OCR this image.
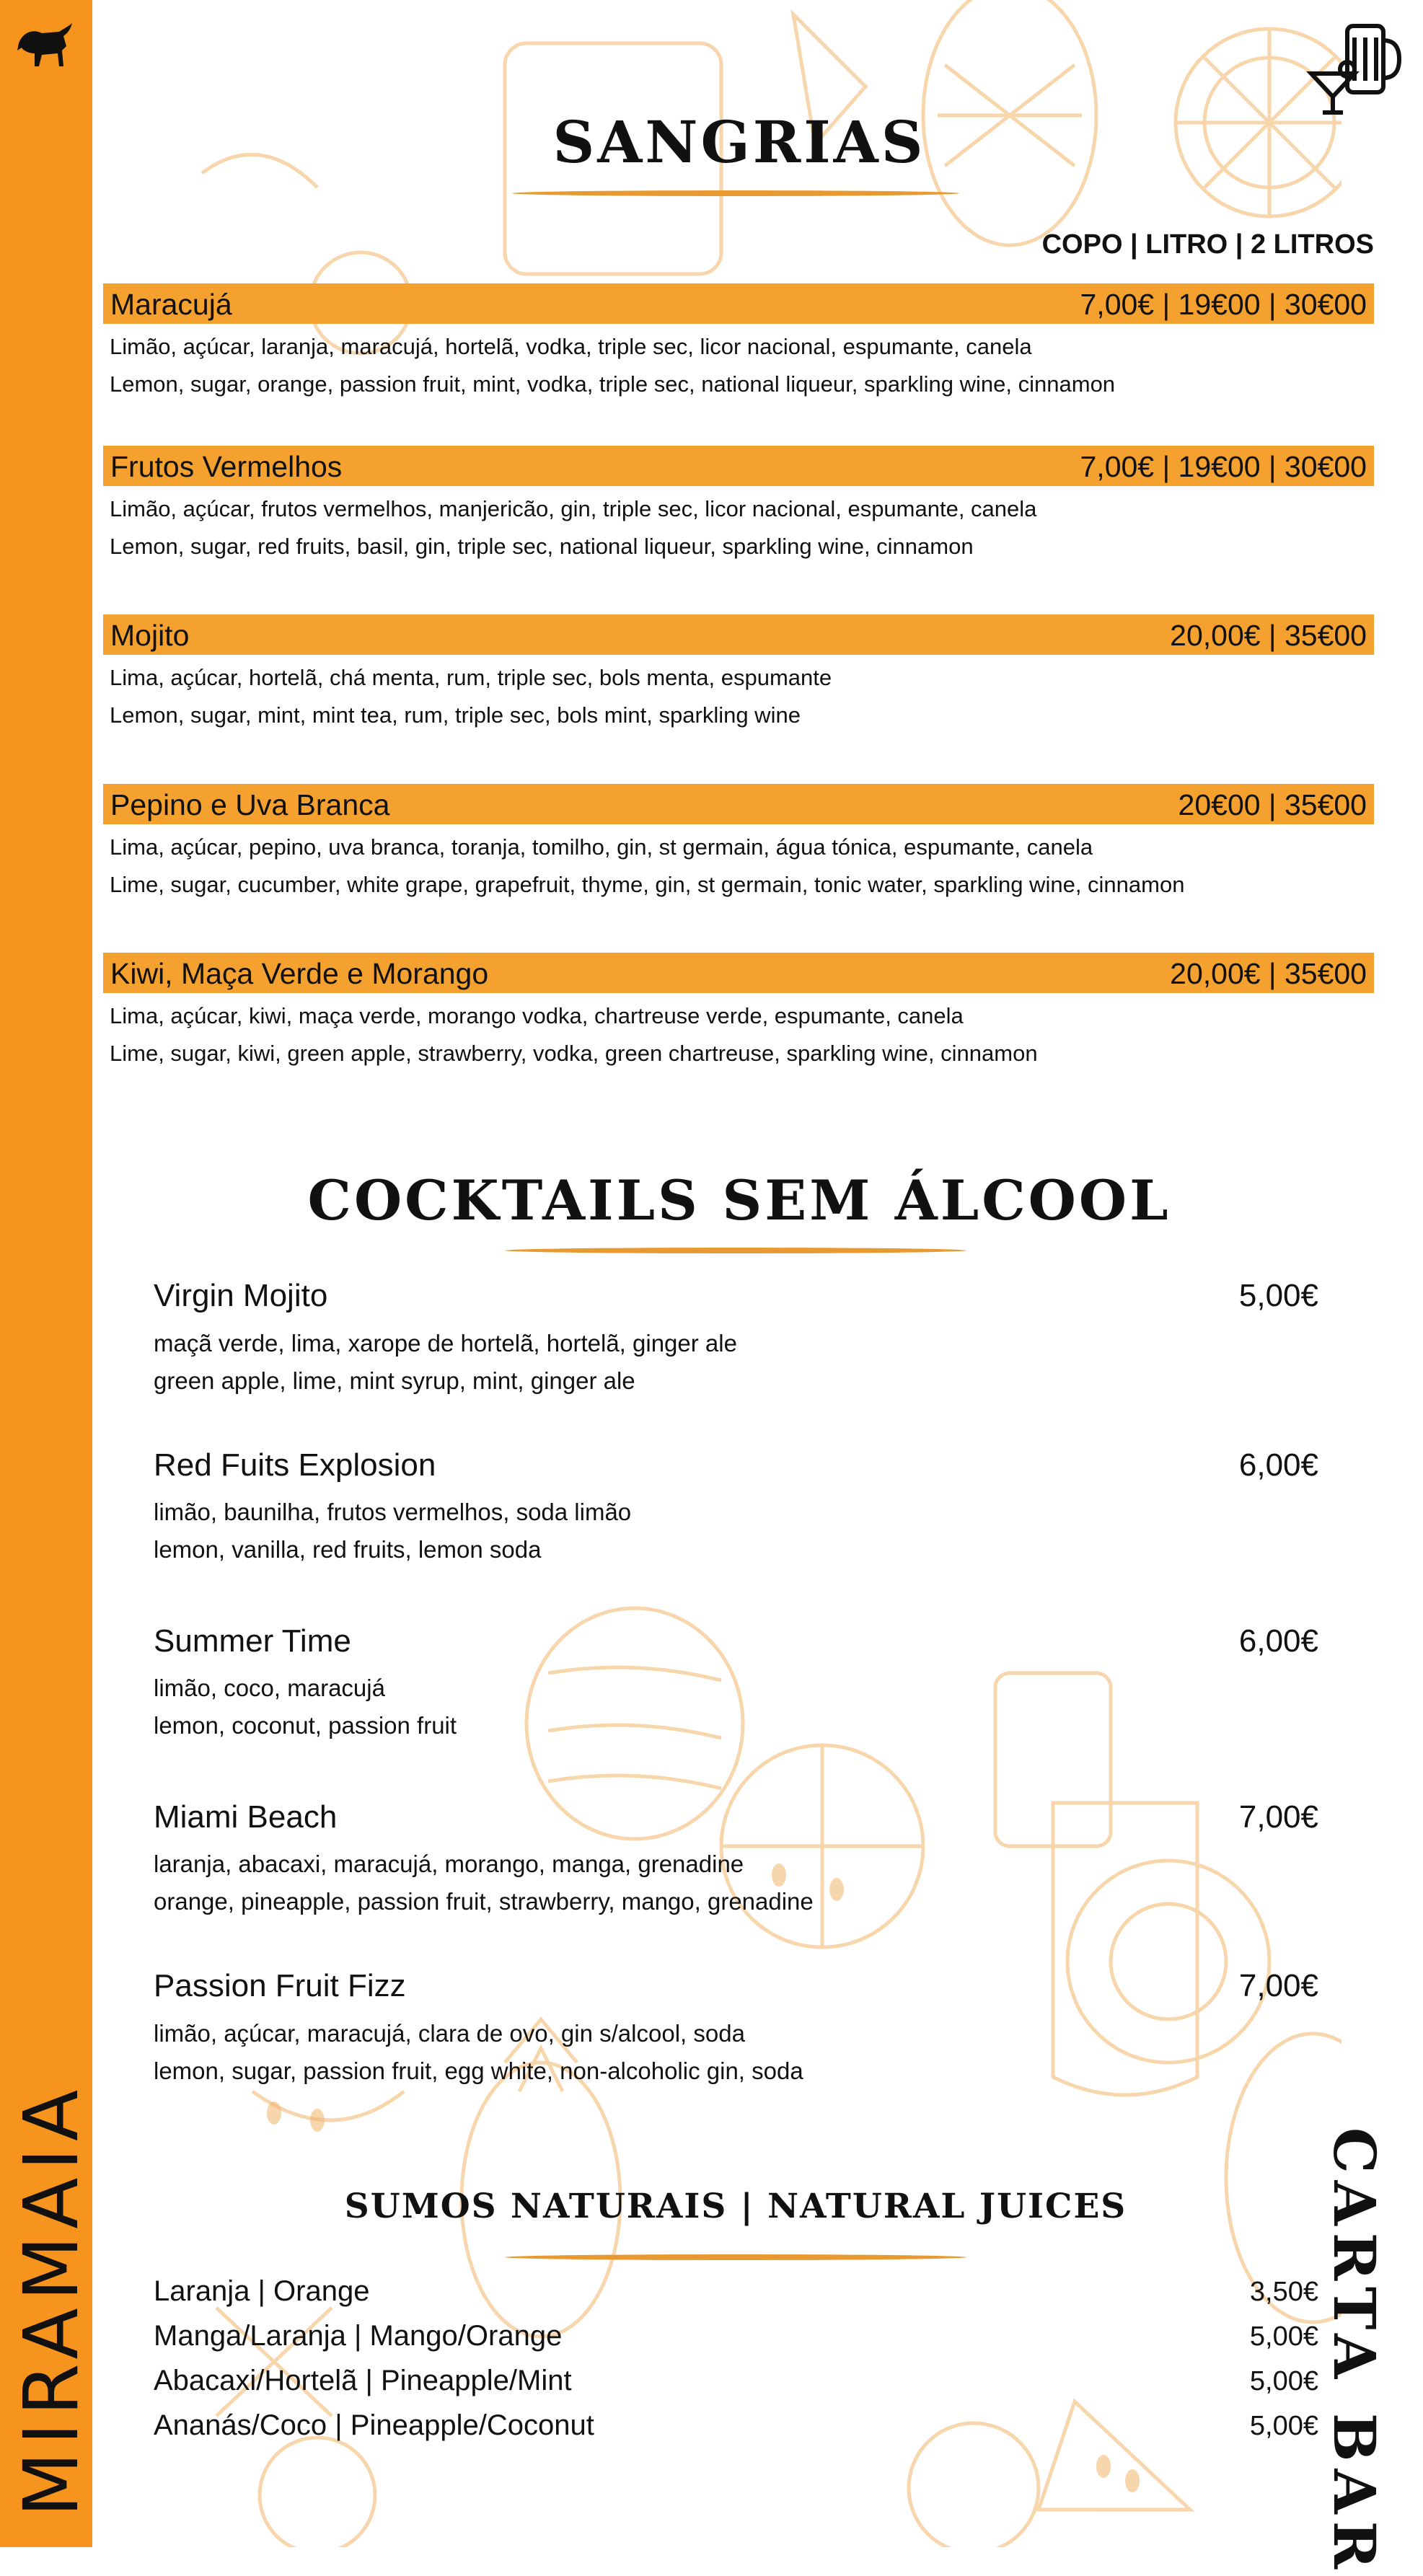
MIRAMAIA
SANGRIAS
COPO | LITRO | 2 LITROS
Maracujá	7,00€ | 19€00 | 30€00
Limão, açúcar, laranja, maracujá, hortelã, vodka, triple sec, licor nacional, espumante, canela
Lemon, sugar, orange, passion fruit, mint, vodka, triple sec, national liqueur, sparkling wine, cinnamon
Frutos Vermelhos	7,00€ | 19€00 | 30€00
Limão, açúcar, frutos vermelhos, manjericão, gin, triple sec, licor nacional, espumante, canela
Lemon, sugar, red fruits, basil, gin, triple sec, national liqueur, sparkling wine, cinnamon
Mojito	20,00€ | 35€00
Lima, açúcar, hortelã, chá menta, rum, triple sec, bols menta, espumante
Lemon, sugar, mint, mint tea, rum, triple sec, bols mint, sparkling wine
Pepino e Uva Branca	20€00 | 35€00
Lima, açúcar, pepino, uva branca, toranja, tomilho, gin, st germain, água tónica, espumante, canela
Lime, sugar, cucumber, white grape, grapefruit, thyme, gin, st germain, tonic water, sparkling wine, cinnamon
Kiwi, Maça Verde e Morango	20,00€ | 35€00
Lima, açúcar, kiwi, maça verde, morango vodka, chartreuse verde, espumante, canela
Lime, sugar, kiwi, green apple, strawberry, vodka, green chartreuse, sparkling wine, cinnamon
COCKTAILS SEM ÁLCOOL
Virgin Mojito	5,00€
maçã verde, lima, xarope de hortelã, hortelã, ginger ale
green apple, lime, mint syrup, mint, ginger ale
Red Fuits Explosion	6,00€
limão, baunilha, frutos vermelhos, soda limão
lemon, vanilla, red fruits, lemon soda
Summer Time	6,00€
limão, coco, maracujá
lemon, coconut, passion fruit
Miami Beach	7,00€
laranja, abacaxi, maracujá, morango, manga, grenadine
orange, pineapple, passion fruit, strawberry, mango, grenadine
Passion Fruit Fizz	7,00€
limão, açúcar, maracujá, clara de ovo, gin s/alcool, soda
lemon, sugar, passion fruit, egg white, non-alcoholic gin, soda
SUMOS NATURAIS | NATURAL JUICES
Laranja | Orange	3,50€
Manga/Laranja | Mango/Orange	5,00€
Abacaxi/Hortelã | Pineapple/Mint	5,00€
Ananás/Coco | Pineapple/Coconut	5,00€ CARTA BAR
